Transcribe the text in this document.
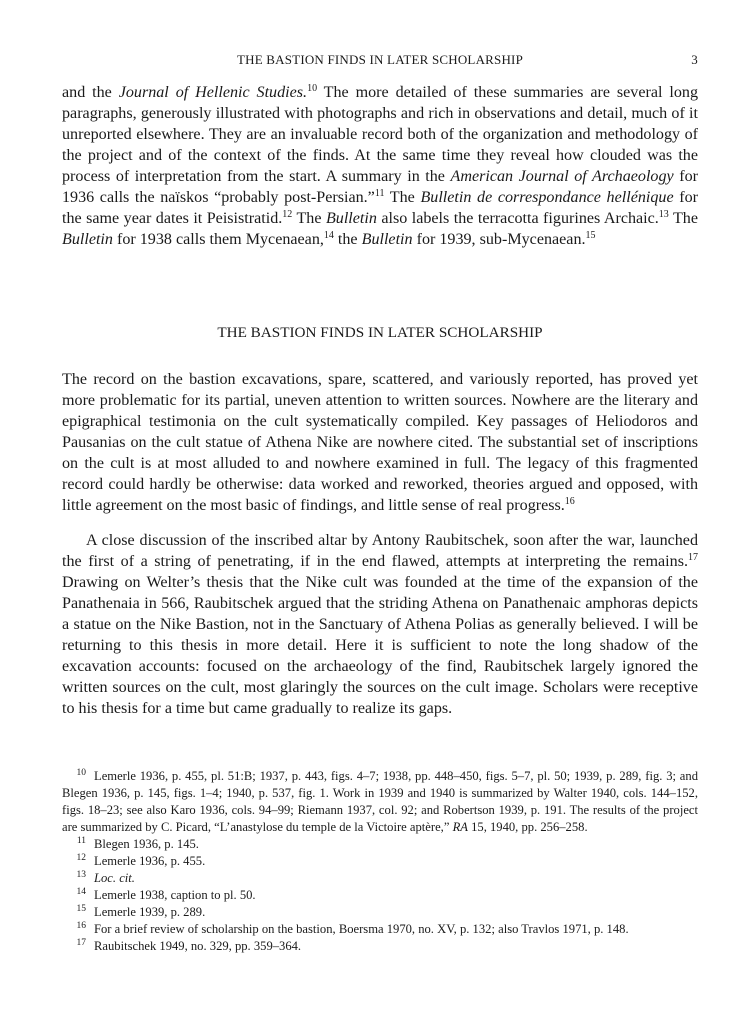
THE BASTION FINDS IN LATER SCHOLARSHIP	3

and the Journal of Hellenic Studies.$^{10}$ The more detailed of these summaries are several long paragraphs, generously illustrated with photographs and rich in observations and detail, much of it unreported elsewhere. They are an invaluable record both of the organization and methodology of the project and of the context of the finds. At the same time they reveal how clouded was the process of interpretation from the start. A summary in the American Journal of Archaeology for 1936 calls the naïskos “probably post-Persian.”$^{11}$ The Bulletin de correspondance hellénique for the same year dates it Peisistratid.$^{12}$ The Bulletin also labels the terracotta figurines Archaic.$^{13}$ The Bulletin for 1938 calls them Mycenaean,$^{14}$ the Bulletin for 1939, sub-Mycenaean.$^{15}$

THE BASTION FINDS IN LATER SCHOLARSHIP

The record on the bastion excavations, spare, scattered, and variously reported, has proved yet more problematic for its partial, uneven attention to written sources. Nowhere are the literary and epigraphical testimonia on the cult systematically compiled. Key passages of Heliodoros and Pausanias on the cult statue of Athena Nike are nowhere cited. The substantial set of inscriptions on the cult is at most alluded to and nowhere examined in full. The legacy of this fragmented record could hardly be otherwise: data worked and reworked, theories argued and opposed, with little agreement on the most basic of findings, and little sense of real progress.$^{16}$

A close discussion of the inscribed altar by Antony Raubitschek, soon after the war, launched the first of a string of penetrating, if in the end flawed, attempts at interpreting the remains.$^{17}$ Drawing on Welter’s thesis that the Nike cult was founded at the time of the expansion of the Panathenaia in 566, Raubitschek argued that the striding Athena on Panathenaic amphoras depicts a statue on the Nike Bastion, not in the Sanctuary of Athena Polias as generally believed. I will be returning to this thesis in more detail. Here it is sufficient to note the long shadow of the excavation accounts: focused on the archaeology of the find, Raubitschek largely ignored the written sources on the cult, most glaringly the sources on the cult image. Scholars were receptive to his thesis for a time but came gradually to realize its gaps.

10 Lemerle 1936, p. 455, pl. 51:B; 1937, p. 443, figs. 4–7; 1938, pp. 448–450, figs. 5–7, pl. 50; 1939, p. 289, fig. 3; and Blegen 1936, p. 145, figs. 1–4; 1940, p. 537, fig. 1. Work in 1939 and 1940 is summarized by Walter 1940, cols. 144–152, figs. 18–23; see also Karo 1936, cols. 94–99; Riemann 1937, col. 92; and Robertson 1939, p. 191. The results of the project are summarized by C. Picard, “L’anastylose du temple de la Victoire aptère,” RA 15, 1940, pp. 256–258.

11 Blegen 1936, p. 145.

12 Lemerle 1936, p. 455.

13 Loc. cit.

14 Lemerle 1938, caption to pl. 50.

15 Lemerle 1939, p. 289.

16 For a brief review of scholarship on the bastion, Boersma 1970, no. XV, p. 132; also Travlos 1971, p. 148.

17 Raubitschek 1949, no. 329, pp. 359–364.
